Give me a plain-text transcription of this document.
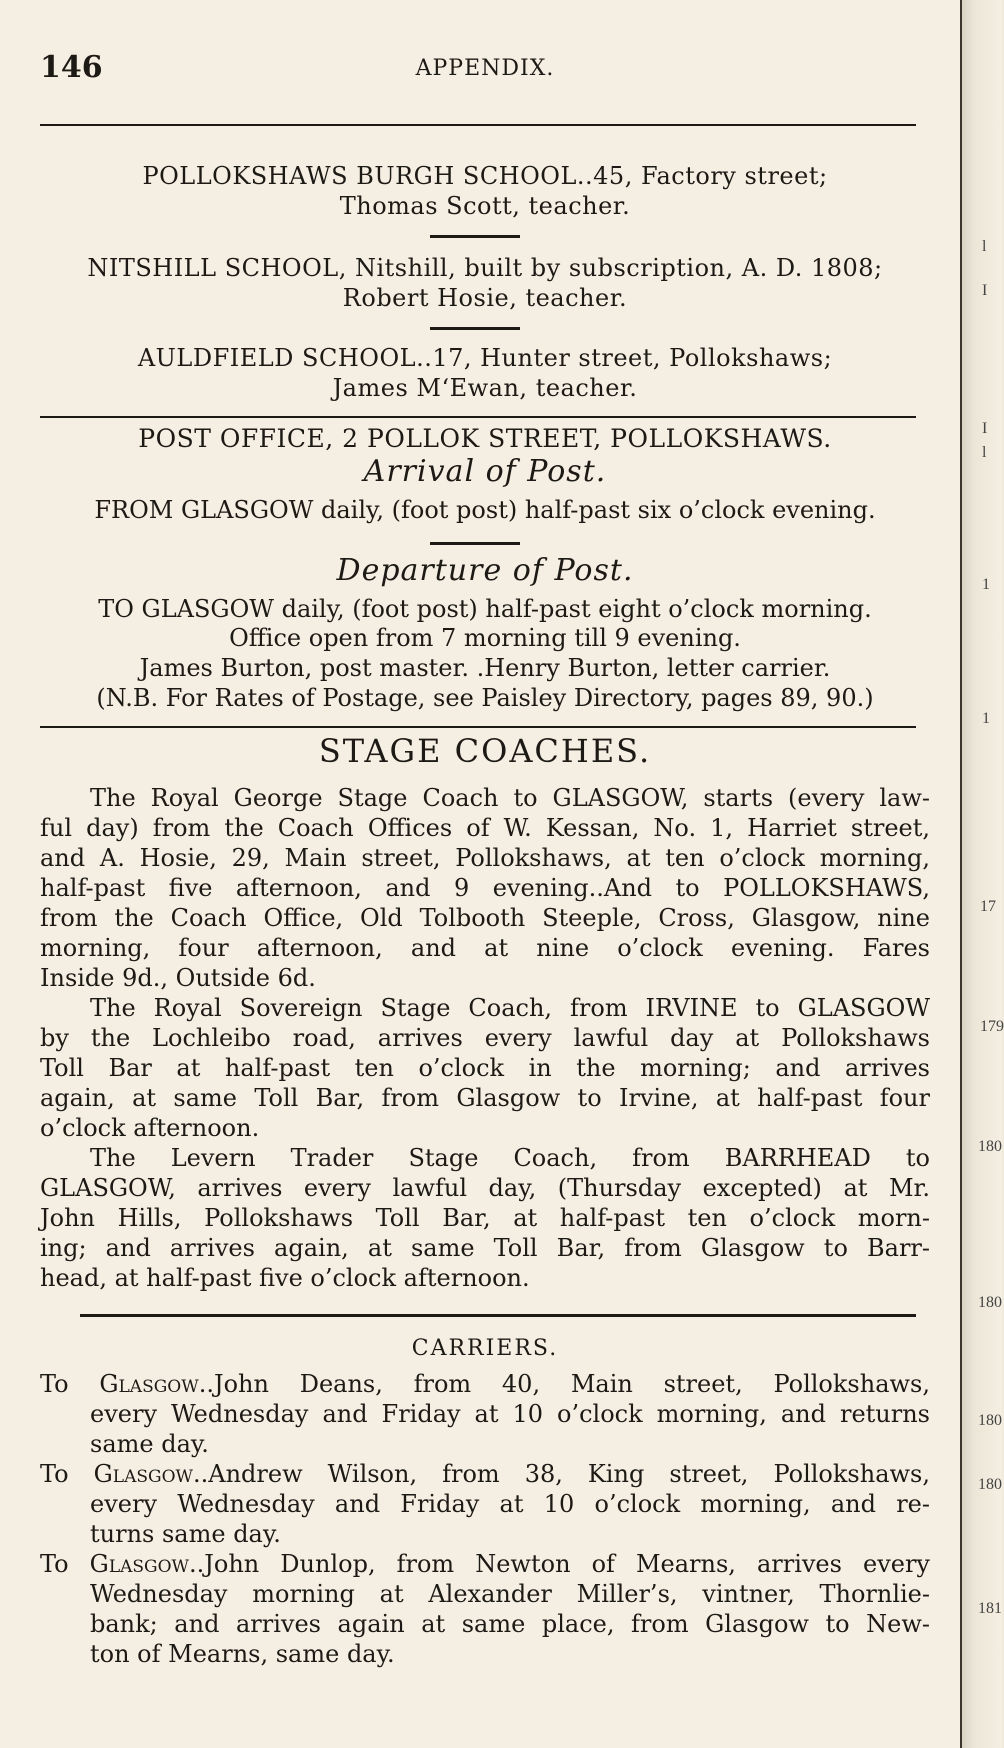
146	APPENDIX.
POLLOKSHAWS BURGH SCHOOL..45, Factory street;
Thomas Scott, teacher.
NITSHILL SCHOOL, Nitshill, built by subscription, A. D. 1808;
Robert Hosie, teacher.
AULDFIELD SCHOOL..17, Hunter street, Pollokshaws;
James M‘Ewan, teacher.
POST OFFICE, 2 POLLOK STREET, POLLOKSHAWS.
Arrival of Post.
FROM GLASGOW daily, (foot post) half-past six o’clock evening.
Departure of Post.
TO GLASGOW daily, (foot post) half-past eight o’clock morning.
Office open from 7 morning till 9 evening.
James Burton, post master. .Henry Burton, letter carrier.
(N.B. For Rates of Postage, see Paisley Directory, pages 89, 90.)
STAGE COACHES.
The Royal George Stage Coach to GLASGOW, starts (every law-
ful day) from the Coach Offices of W. Kessan, No. 1, Harriet street,
and A. Hosie, 29, Main street, Pollokshaws, at ten o’clock morning,
half-past five afternoon, and 9 evening..And to POLLOKSHAWS,
from the Coach Office, Old Tolbooth Steeple, Cross, Glasgow, nine
morning, four afternoon, and at nine o’clock evening. Fares
Inside 9d., Outside 6d.
The Royal Sovereign Stage Coach, from IRVINE to GLASGOW
by the Lochleibo road, arrives every lawful day at Pollokshaws
Toll Bar at half-past ten o’clock in the morning; and arrives
again, at same Toll Bar, from Glasgow to Irvine, at half-past four
o’clock afternoon.
The Levern Trader Stage Coach, from BARRHEAD to
GLASGOW, arrives every lawful day, (Thursday excepted) at Mr.
John Hills, Pollokshaws Toll Bar, at half-past ten o’clock morn-
ing; and arrives again, at same Toll Bar, from Glasgow to Barr-
head, at half-past five o’clock afternoon.
CARRIERS.
To Glasgow..John Deans, from 40, Main street, Pollokshaws,
every Wednesday and Friday at 10 o’clock morning, and returns
same day.
To Glasgow..Andrew Wilson, from 38, King street, Pollokshaws,
every Wednesday and Friday at 10 o’clock morning, and re-
turns same day.
To Glasgow..John Dunlop, from Newton of Mearns, arrives every
Wednesday morning at Alexander Miller’s, vintner, Thornlie-
bank; and arrives again at same place, from Glasgow to New-
ton of Mearns, same day.
l
I
I
l
1
1
17
179
180
180
180
180
181
